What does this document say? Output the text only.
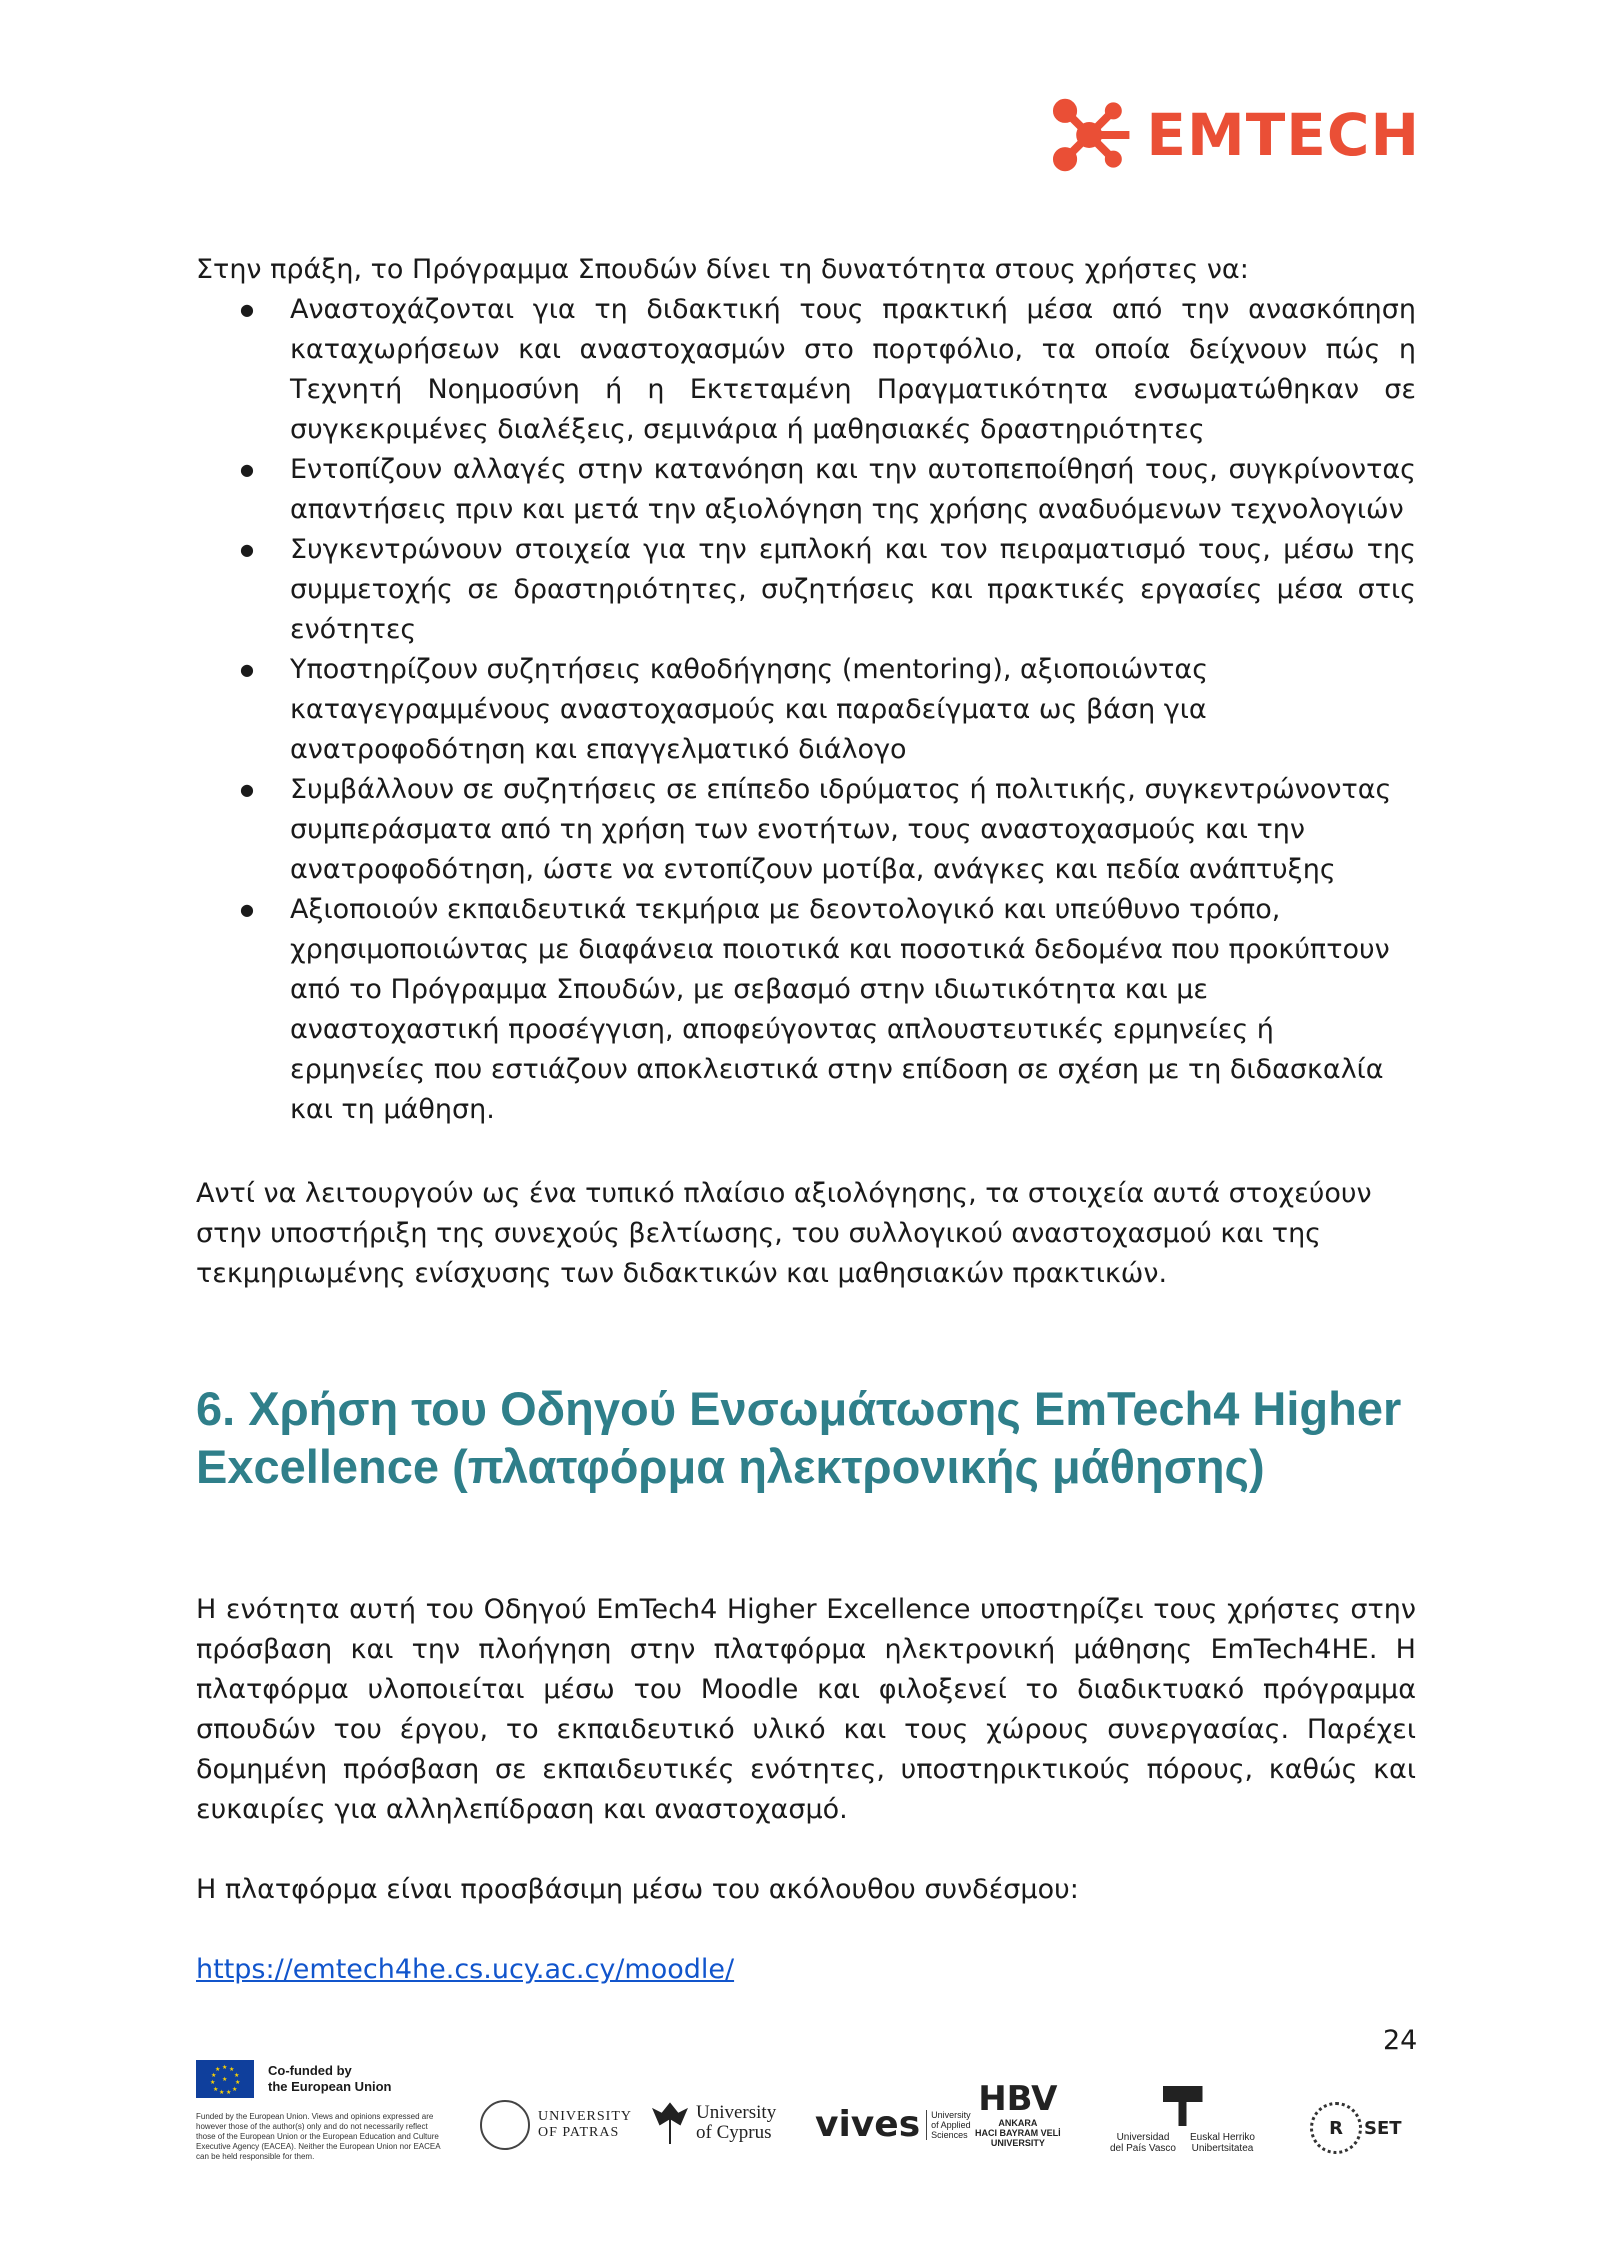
EMTECH

Στην πράξη, το Πρόγραμμα Σπουδών δίνει τη δυνατότητα στους χρήστες να:

● Αναστοχάζονται για τη διδακτική τους πρακτική μέσα από την ανασκόπηση καταχωρήσεων και αναστοχασμών στο πορτφόλιο, τα οποία δείχνουν πώς η Τεχνητή Νοημοσύνη ή η Εκτεταμένη Πραγματικότητα ενσωματώθηκαν σε συγκεκριμένες διαλέξεις, σεμινάρια ή μαθησιακές δραστηριότητες
● Εντοπίζουν αλλαγές στην κατανόηση και την αυτοπεποίθησή τους, συγκρίνοντας απαντήσεις πριν και μετά την αξιολόγηση της χρήσης αναδυόμενων τεχνολογιών
● Συγκεντρώνουν στοιχεία για την εμπλοκή και τον πειραματισμό τους, μέσω της συμμετοχής σε δραστηριότητες, συζητήσεις και πρακτικές εργασίες μέσα στις ενότητες
● Υποστηρίζουν συζητήσεις καθοδήγησης (mentoring), αξιοποιώντας καταγεγραμμένους αναστοχασμούς και παραδείγματα ως βάση για ανατροφοδότηση και επαγγελματικό διάλογο
● Συμβάλλουν σε συζητήσεις σε επίπεδο ιδρύματος ή πολιτικής, συγκεντρώνοντας συμπεράσματα από τη χρήση των ενοτήτων, τους αναστοχασμούς και την ανατροφοδότηση, ώστε να εντοπίζουν μοτίβα, ανάγκες και πεδία ανάπτυξης
● Αξιοποιούν εκπαιδευτικά τεκμήρια με δεοντολογικό και υπεύθυνο τρόπο, χρησιμοποιώντας με διαφάνεια ποιοτικά και ποσοτικά δεδομένα που προκύπτουν από το Πρόγραμμα Σπουδών, με σεβασμό στην ιδιωτικότητα και με αναστοχαστική προσέγγιση, αποφεύγοντας απλουστευτικές ερμηνείες ή ερμηνείες που εστιάζουν αποκλειστικά στην επίδοση σε σχέση με τη διδασκαλία και τη μάθηση.

Αντί να λειτουργούν ως ένα τυπικό πλαίσιο αξιολόγησης, τα στοιχεία αυτά στοχεύουν στην υποστήριξη της συνεχούς βελτίωσης, του συλλογικού αναστοχασμού και της τεκμηριωμένης ενίσχυσης των διδακτικών και μαθησιακών πρακτικών.

6. Χρήση του Οδηγού Ενσωμάτωσης EmTech4 Higher Excellence (πλατφόρμα ηλεκτρονικής μάθησης)

Η ενότητα αυτή του Οδηγού EmTech4 Higher Excellence υποστηρίζει τους χρήστες στην πρόσβαση και την πλοήγηση στην πλατφόρμα ηλεκτρονική μάθησης EmTech4HE. Η πλατφόρμα υλοποιείται μέσω του Moodle και φιλοξενεί το διαδικτυακό πρόγραμμα σπουδών του έργου, το εκπαιδευτικό υλικό και τους χώρους συνεργασίας. Παρέχει δομημένη πρόσβαση σε εκπαιδευτικές ενότητες, υποστηρικτικούς πόρους, καθώς και ευκαιρίες για αλληλεπίδραση και αναστοχασμό.

Η πλατφόρμα είναι προσβάσιμη μέσω του ακόλουθου συνδέσμου:

https://emtech4he.cs.ucy.ac.cy/moodle/
24
★ ★
★
★
★
★
★
★
★
★
★
★
Co-funded by
the European Union
Funded by the European Union. Views and opinions expressed are however those of the author(s) only and do not necessarily reflect those of the European Union or the European Education and Culture Executive Agency (EACEA). Neither the European Union nor EACEA can be held responsible for them.
UNIVERSITY OF PATRAS
University
of Cyprus vives University
of Applied
Sciences
HBV
ANKARA
HACI BAYRAM VELİ
UNIVERSITY	Universidad
del País Vasco
Euskal Herriko
Unibertsitatea
R SET
